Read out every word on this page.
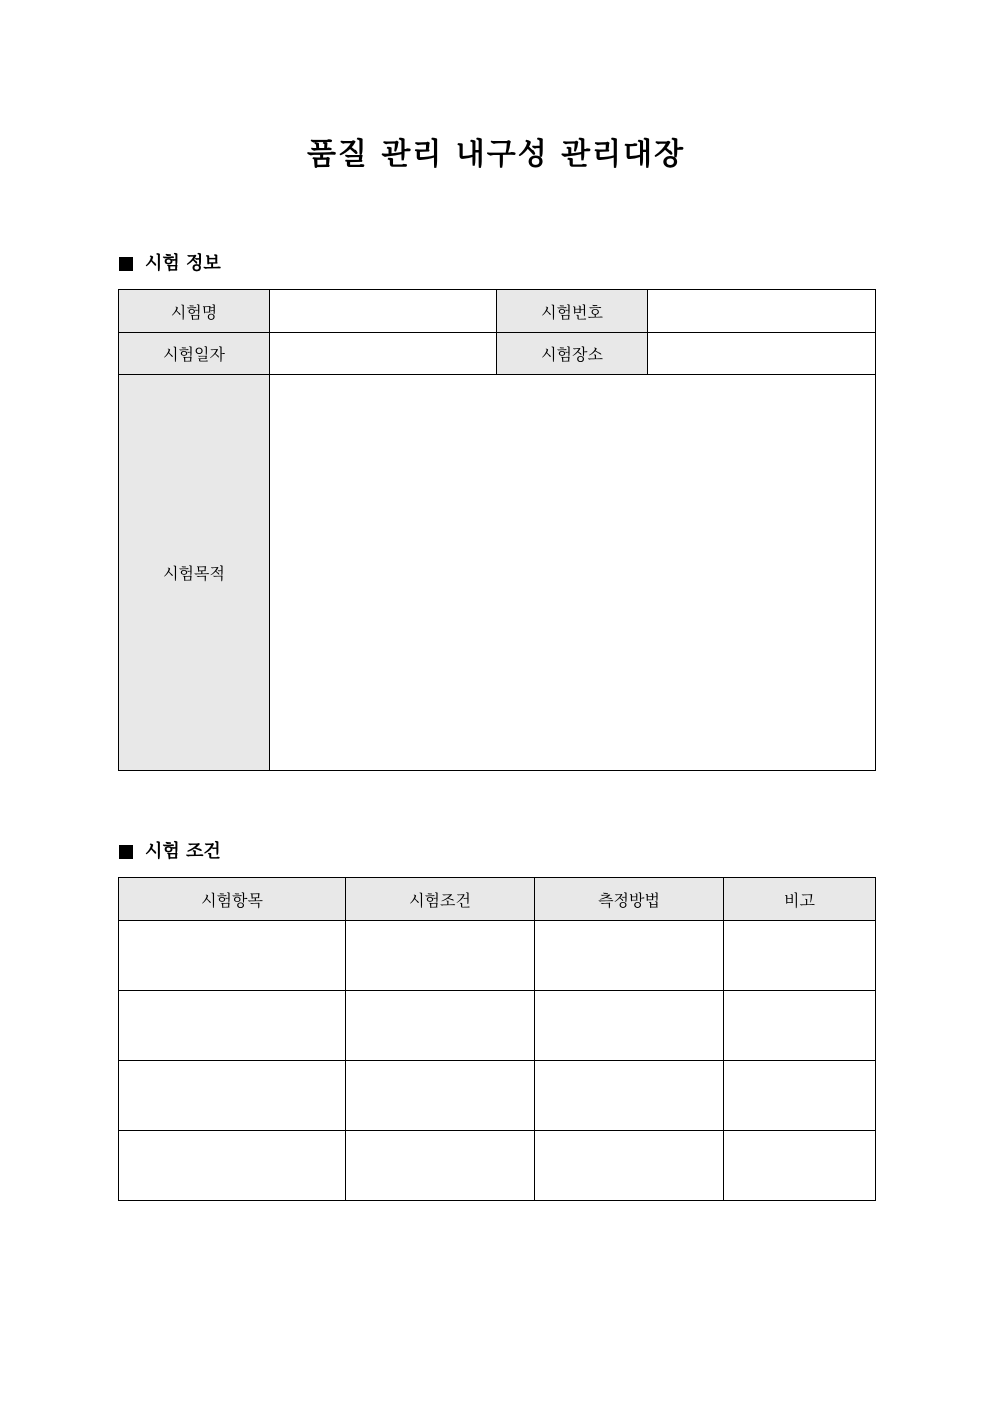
품질 관리 내구성 관리대장
시험 정보
시험명		시험번호	
시험일자		시험장소	
시험목적			
시험 조건
시험항목	시험조건	측정방법	비고
